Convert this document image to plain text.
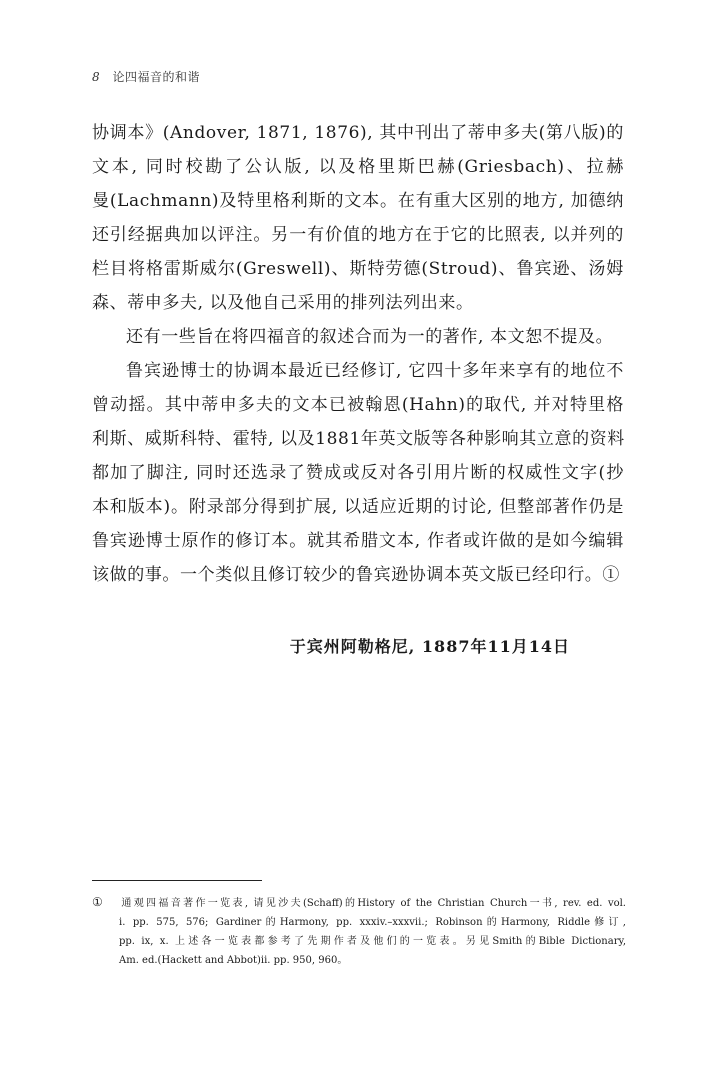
8 论四福音的和谐
协调本》(Andover, 1871, 1876), 其中刊出了蒂申多夫(第八版)的
文本, 同时校勘了公认版, 以及格里斯巴赫(Griesbach)、拉赫
曼(Lachmann)及特里格利斯的文本。在有重大区别的地方, 加德纳
还引经据典加以评注。另一有价值的地方在于它的比照表, 以并列的
栏目将格雷斯威尔(Greswell)、斯特劳德(Stroud)、鲁宾逊、汤姆
森、蒂申多夫, 以及他自己采用的排列法列出来。
还有一些旨在将四福音的叙述合而为一的著作, 本文恕不提及。
鲁宾逊博士的协调本最近已经修订, 它四十多年来享有的地位不
曾动摇。其中蒂申多夫的文本已被翰恩(Hahn)的取代, 并对特里格
利斯、威斯科特、霍特, 以及1881年英文版等各种影响其立意的资料
都加了脚注, 同时还选录了赞成或反对各引用片断的权威性文字(抄
本和版本)。附录部分得到扩展, 以适应近期的讨论, 但整部著作仍是
鲁宾逊博士原作的修订本。就其希腊文本, 作者或许做的是如今编辑
该做的事。一个类似且修订较少的鲁宾逊协调本英文版已经印行。①
于宾州阿勒格尼, 1887年11月14日
① 通观四福音著作一览表, 请见沙夫(Schaff)的History of the Christian Church一书, rev. ed. vol.
i. pp. 575, 576; Gardiner的Harmony, pp. xxxiv.–xxxvii.; Robinson的Harmony, Riddle修订,
pp. ix, x. 上述各一览表都参考了先期作者及他们的一览表。另见Smith的Bible Dictionary,
Am. ed.(Hackett and Abbot)ii. pp. 950, 960。
